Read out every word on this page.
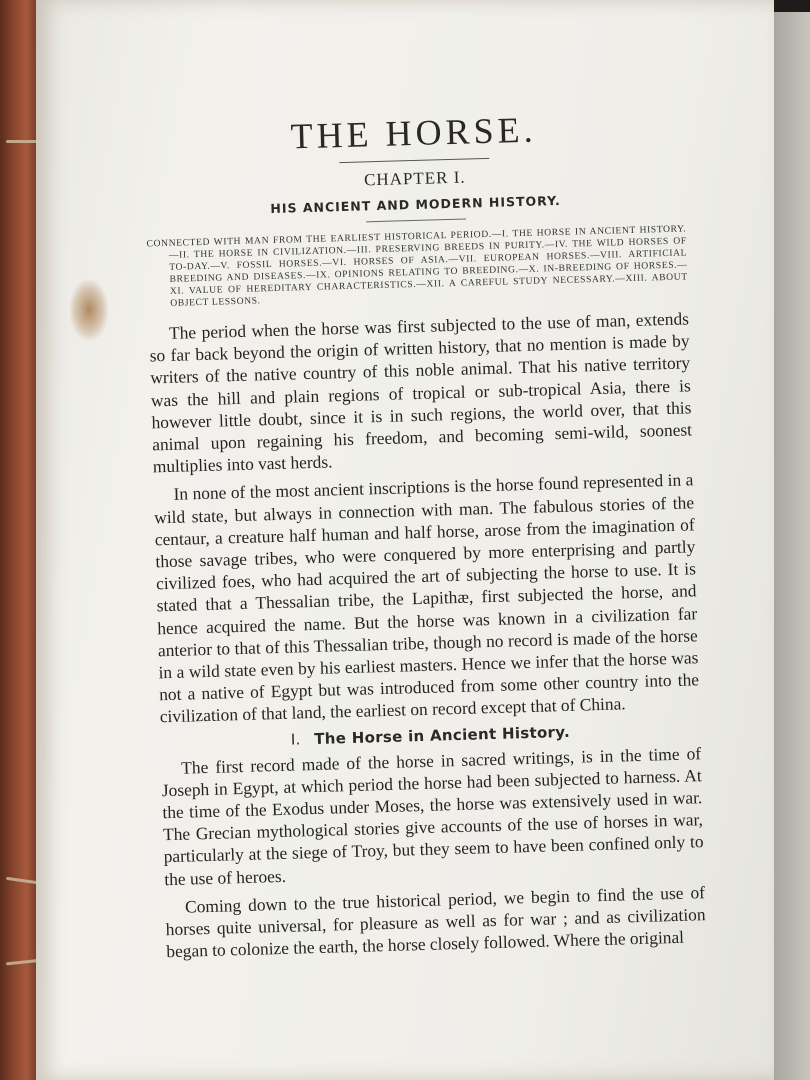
THE HORSE.
CHAPTER I.
HIS ANCIENT AND MODERN HISTORY.

CONNECTED WITH MAN FROM THE EARLIEST HISTORICAL PERIOD.—I. THE HORSE IN ANCIENT HISTORY.—II. THE HORSE IN CIVILIZATION.—III. PRESERVING BREEDS IN PURITY.—IV. THE WILD HORSES OF TO-DAY.—V. FOSSIL HORSES.—VI. HORSES OF ASIA.—VII. EUROPEAN HORSES.—VIII. ARTIFICIAL BREEDING AND DISEASES.—IX. OPINIONS RELATING TO BREEDING.—X. IN-BREEDING OF HORSES.—XI. VALUE OF HEREDITARY CHARACTERISTICS.—XII. A CAREFUL STUDY NECESSARY.—XIII. ABOUT OBJECT LESSONS.

The period when the horse was first subjected to the use of man, extends so far back beyond the origin of written history, that no mention is made by writers of the native country of this noble animal. That his native territory was the hill and plain regions of tropical or sub-tropical Asia, there is however little doubt, since it is in such regions, the world over, that this animal upon regaining his freedom, and becoming semi-wild, soonest multiplies into vast herds.

In none of the most ancient inscriptions is the horse found represented in a wild state, but always in connection with man. The fabulous stories of the centaur, a creature half human and half horse, arose from the imagination of those savage tribes, who were conquered by more enterprising and partly civilized foes, who had acquired the art of subjecting the horse to use. It is stated that a Thessalian tribe, the Lapithæ, first subjected the horse, and hence acquired the name. But the horse was known in a civilization far anterior to that of this Thessalian tribe, though no record is made of the horse in a wild state even by his earliest masters. Hence we infer that the horse was not a native of Egypt but was introduced from some other country into the civilization of that land, the earliest on record except that of China.

I. The Horse in Ancient History.

The first record made of the horse in sacred writings, is in the time of Joseph in Egypt, at which period the horse had been subjected to harness. At the time of the Exodus under Moses, the horse was extensively used in war. The Grecian mythological stories give accounts of the use of horses in war, particularly at the siege of Troy, but they seem to have been confined only to the use of heroes.

Coming down to the true historical period, we begin to find the use of horses quite universal, for pleasure as well as for war ; and as civilization began to colonize the earth, the horse closely followed. Where the original
